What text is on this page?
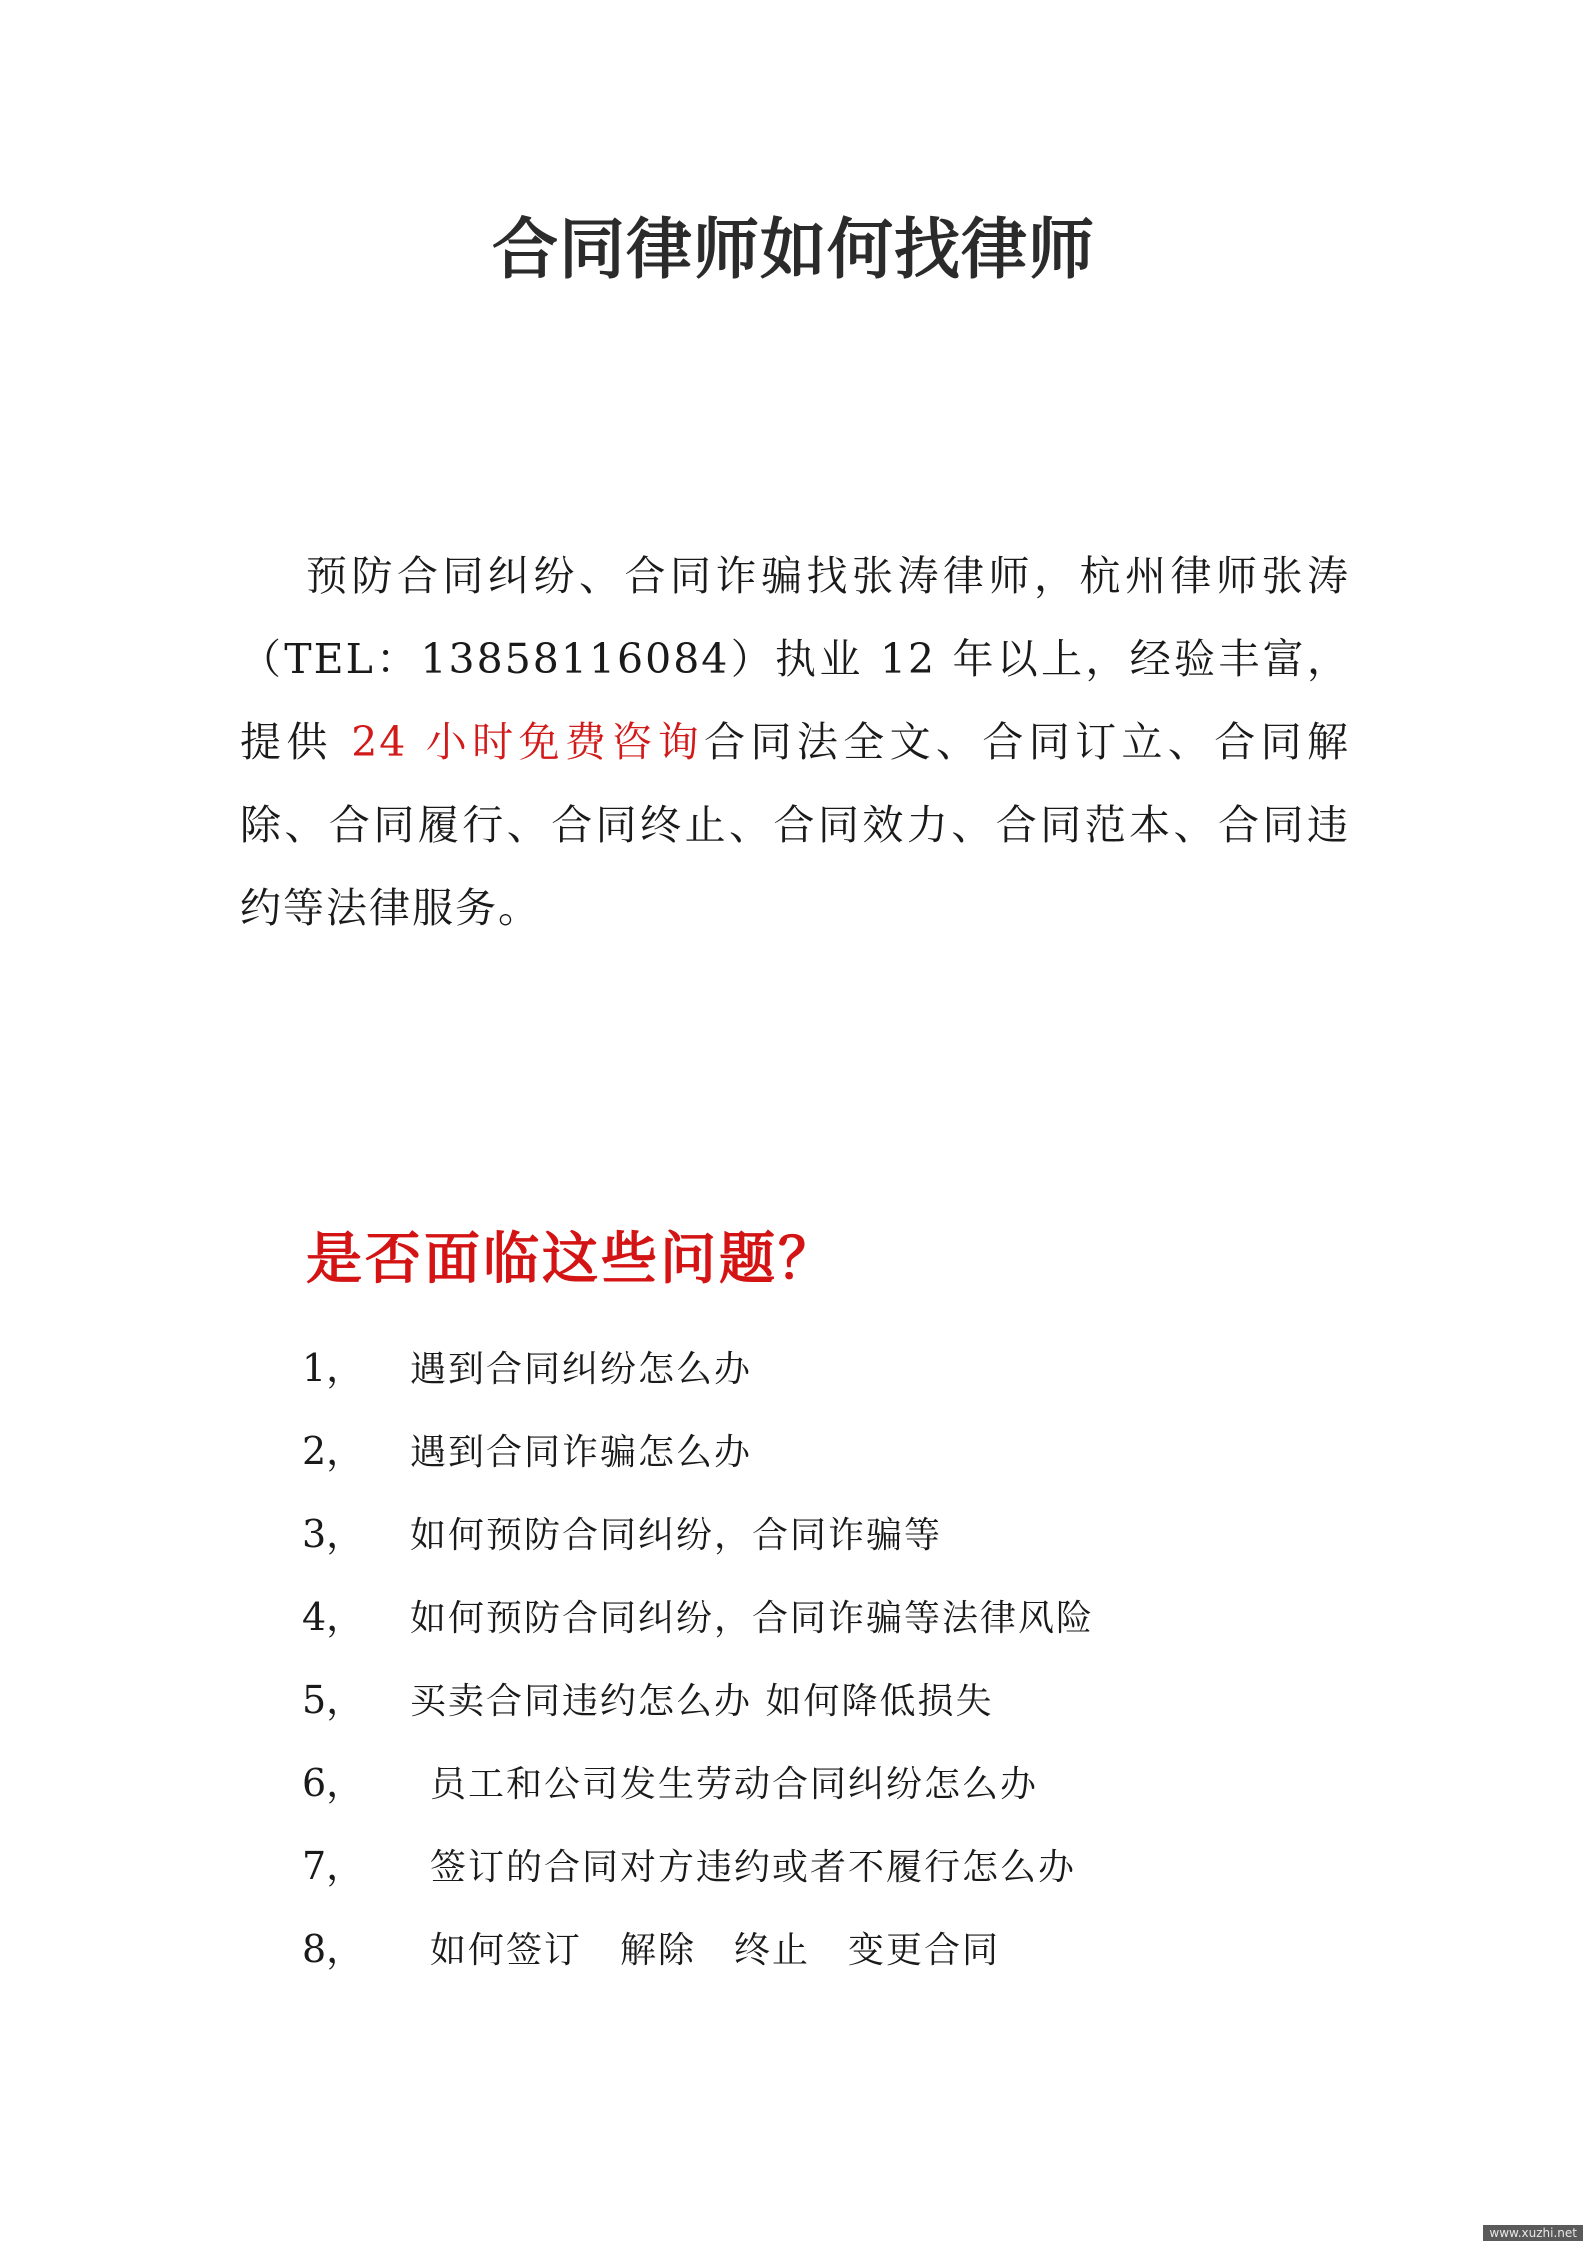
合同律师如何找律师

预防合同纠纷、合同诈骗找张涛律师，杭州律师张涛（TEL：13858116084）执业 12 年以上，经验丰富，提供 24 小时免费咨询合同法全文、合同订立、合同解除、合同履行、合同终止、合同效力、合同范本、合同违约等法律服务。

是否面临这些问题？
1， 遇到合同纠纷怎么办
2， 遇到合同诈骗怎么办
3， 如何预防合同纠纷，合同诈骗等
4， 如何预防合同纠纷，合同诈骗等法律风险
5， 买卖合同违约怎么办 如何降低损失
6， 员工和公司发生劳动合同纠纷怎么办
7， 签订的合同对方违约或者不履行怎么办
8， 如何签订　解除　终止　变更合同
www.xuzhi.net
